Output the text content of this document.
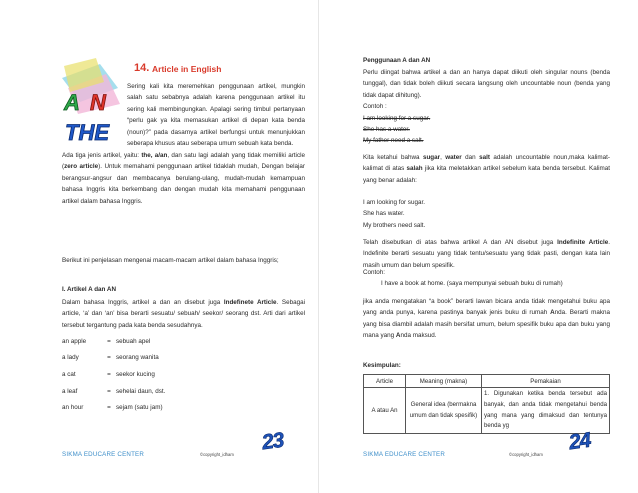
A N
THE
14. Article in English
Sering kali kita meremehkan penggunaan artikel, mungkin salah satu sebabnya adalah karena penggunaan artikel itu sering kali membingungkan. Apalagi sering timbul pertanyaan “perlu gak ya kita memasukan artikel di depan kata benda (noun)?” pada dasarnya artikel berfungsi untuk menunjukkan seberapa khusus atau seberapa umum sebuah kata benda.
Ada tiga jenis artikel, yaitu: the, a/an, dan satu lagi adalah yang tidak memiliki article (zero article). Untuk memahami penggunaan artikel tidaklah mudah, Dengan belajar berangsur-angsur dan membacanya berulang-ulang, mudah-mudah kemampuan bahasa Inggris kita berkembang dan dengan mudah kita memahami penggunaan artikel dalam bahasa Inggris.
Berikut ini penjelasan mengenai macam-macam artikel dalam bahasa Inggris;
I. Artikel A dan AN
Dalam bahasa Inggris, artikel a dan an disebut juga Indefinete Article. Sebagai article, ‘a’ dan ‘an’ bisa berarti sesuatu/ sebuah/ seekor/ seorang dst. Arti dari artikel tersebut tergantung pada kata benda sesudahnya.
an apple	= sebuah apel
a lady	= seorang wanita
a cat	= seekor kucing
a leaf	= sehelai daun, dst.
an hour	= sejam (satu jam)
SIKMA EDUCARE CENTER	©copyright_idham
23
Penggunaan A dan AN
Perlu diingat bahwa artikel a dan an hanya dapat diikuti oleh singular nouns (benda tunggal), dan tidak boleh diikuti secara langsung oleh uncountable noun (benda yang tidak dapat dihitung).
Contoh :
I am looking for a sugar.
She has a water.
My father need a salt.
Kita ketahui bahwa sugar, water dan salt adalah uncountable noun,maka kalimat-kalimat di atas salah jika kita meletakkan artikel sebelum kata benda tersebut. Kalimat yang benar adalah:
I am looking for sugar.
She has water.
My brothers need salt.
Telah disebutkan di atas bahwa artikel A dan AN disebut juga Indefinite Article. Indefinite berarti sesuatu yang tidak tentu/sesuatu yang tidak pasti, dengan kata lain masih umum dan belum spesifik.
Contoh:
I have a book at home. (saya mempunyai sebuah buku di rumah)
jika anda mengatakan “a book” berarti lawan bicara anda tidak mengetahui buku apa yang anda punya, karena pastinya banyak jenis buku di rumah Anda. Berarti makna yang bisa diambil adalah masih bersifat umum, belum spesifik buku apa dan buku yang mana yang Anda maksud.
Kesimpulan:
Article	Meaning (makna)	Pemakaian
A atau An	General idea (bermakna umum dan tidak spesifik)	1. Digunakan ketika benda tersebut ada banyak, dan anda tidak mengetahui benda yang mana yang dimaksud dan tentunya benda yg
SIKMA EDUCARE CENTER	©copyright_idham
24
